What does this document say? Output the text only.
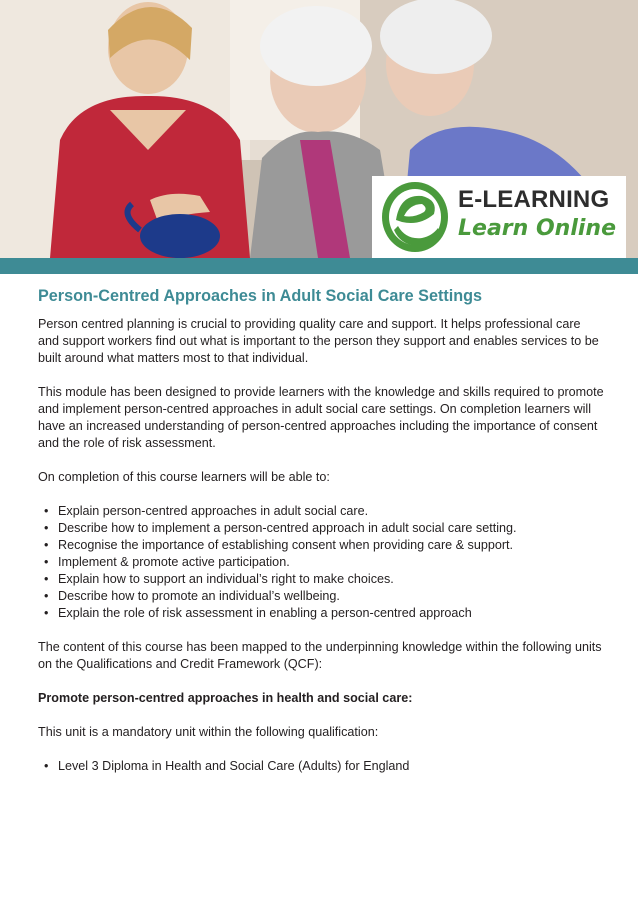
E-LEARNING
Learn Online
Person-Centred Approaches in Adult Social Care Settings

Person centred planning is crucial to providing quality care and support. It helps professional care and support workers find out what is important to the person they support and enables services to be built around what matters most to that individual.

This module has been designed to provide learners with the knowledge and skills required to promote and implement person-centred approaches in adult social care settings. On completion learners will have an increased understanding of person-centred approaches including the importance of consent and the role of risk assessment.

On completion of this course learners will be able to:

• Explain person-centred approaches in adult social care.
• Describe how to implement a person-centred approach in adult social care setting.
• Recognise the importance of establishing consent when providing care & support.
• Implement & promote active participation.
• Explain how to support an individual’s right to make choices.
• Describe how to promote an individual’s wellbeing.
• Explain the role of risk assessment in enabling a person-centred approach

The content of this course has been mapped to the underpinning knowledge within the following units on the Qualifications and Credit Framework (QCF):

Promote person-centred approaches in health and social care:

This unit is a mandatory unit within the following qualification:

• Level 3 Diploma in Health and Social Care (Adults) for England
